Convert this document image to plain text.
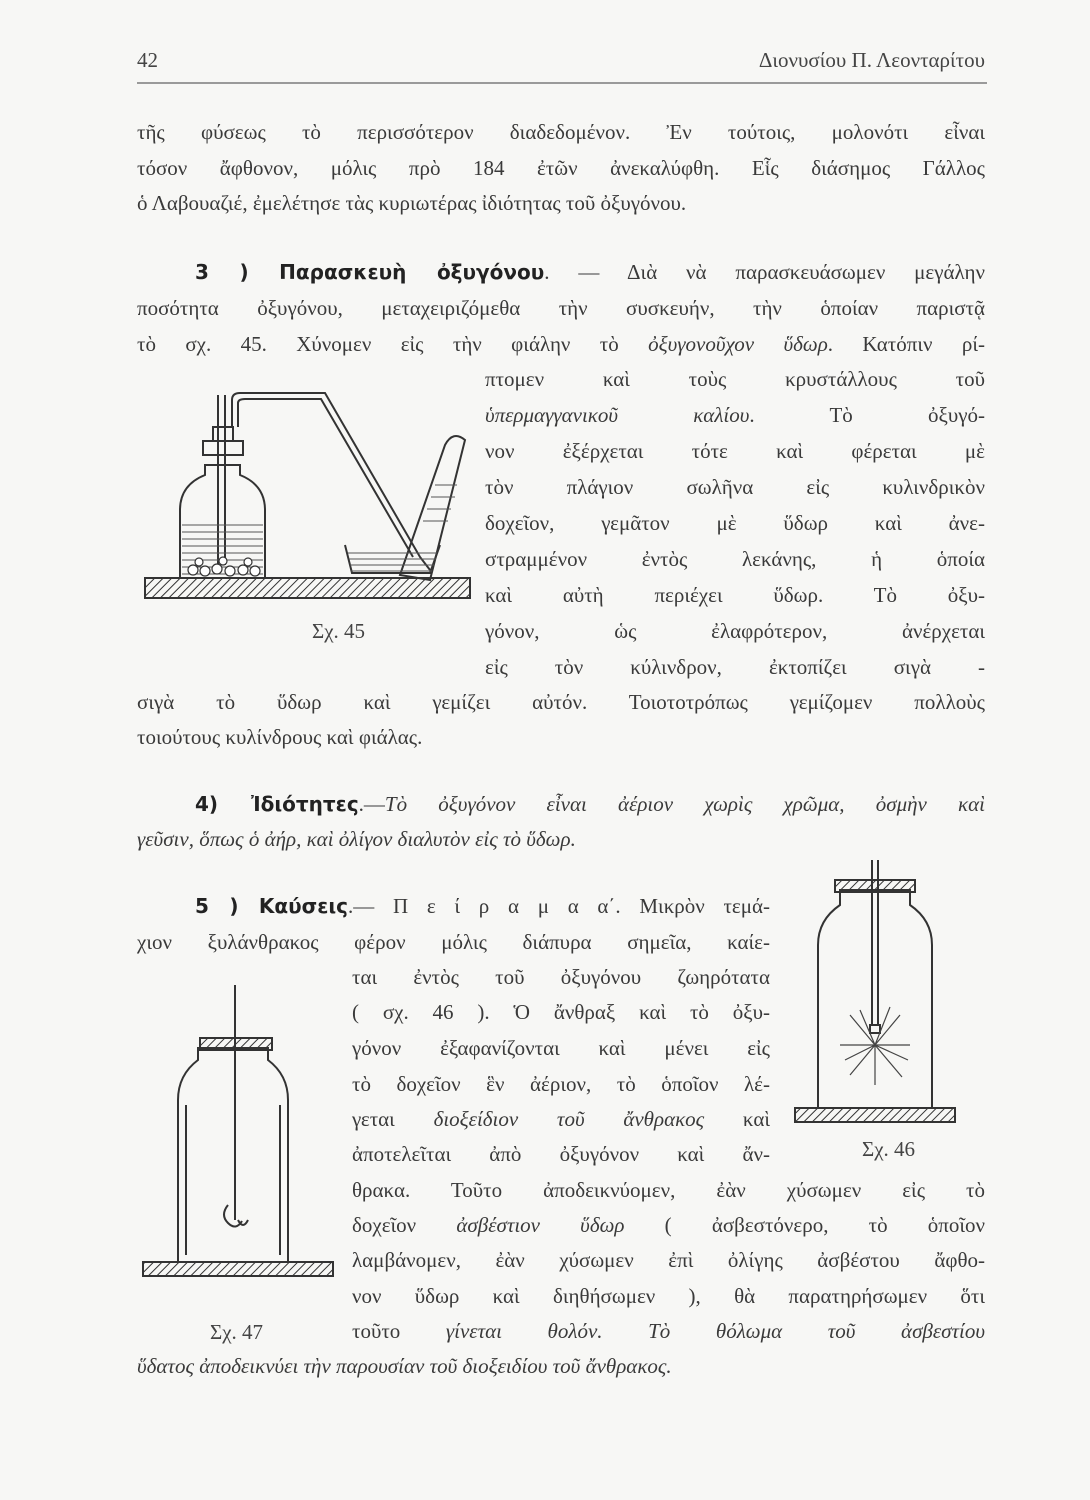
42	Διονυσίου Π. Λεονταρίτου
τῆς φύσεως τὸ περισσότερον διαδεδομένον. Ἐν τούτοις, μολονότι εἶναι
τόσον ἄφθονον, μόλις πρὸ 184 ἐτῶν ἀνεκαλύφθη. Εἷς διάσημος Γάλλος
ὁ Λαβουαζιέ, ἐμελέτησε τὰς κυριωτέρας ἰδιότητας τοῦ ὀξυγόνου.
3 ) Παρασκευὴ ὀξυγόνου. — Διὰ νὰ παρασκευάσωμεν μεγάλην
ποσότητα ὀξυγόνου, μεταχειριζόμεθα τὴν συσκευήν, τὴν ὁποίαν παριστᾷ
τὸ σχ. 45. Χύνομεν εἰς τὴν φιάλην τὸ ὀξυγονοῦχον ὕδωρ. Κατόπιν ρί-
πτομεν καὶ τοὺς κρυστάλλους τοῦ
ὑπερμαγγανικοῦ καλίου. Τὸ ὀξυγό-
νον ἐξέρχεται τότε καὶ φέρεται μὲ
τὸν πλάγιον σωλῆνα εἰς κυλινδρικὸν
δοχεῖον, γεμᾶτον μὲ ὕδωρ καὶ ἀνε-
στραμμένον ἐντὸς λεκάνης, ἡ ὁποία
καὶ αὐτὴ περιέχει ὕδωρ. Τὸ ὀξυ-
γόνον, ὡς ἐλαφρότερον, ἀνέρχεται
εἰς τὸν κύλινδρον, ἐκτοπίζει σιγὰ -
σιγὰ τὸ ὕδωρ καὶ γεμίζει αὐτόν. Τοιοτοτρόπως γεμίζομεν πολλοὺς
τοιούτους κυλίνδρους καὶ φιάλας.
4) Ἰδιότητες.—Τὸ ὀξυγόνον εἶναι ἀέριον χωρὶς χρῶμα, ὀσμὴν καὶ
γεῦσιν, ὅπως ὁ ἀήρ, καὶ ὀλίγον διαλυτὸν εἰς τὸ ὕδωρ.
5 ) Καύσεις.— Π ε ί ρ α μ α α΄. Μικρὸν τεμά-
χιον ξυλάνθρακος φέρον μόλις διάπυρα σημεῖα, καίε-
ται ἐντὸς τοῦ ὀξυγόνου ζωηρότατα
( σχ. 46 ). Ὁ ἄνθραξ καὶ τὸ ὀξυ-
γόνον ἐξαφανίζονται καὶ μένει εἰς
τὸ δοχεῖον ἓν ἀέριον, τὸ ὁποῖον λέ-
γεται διοξείδιον τοῦ ἄνθρακος καὶ
ἀποτελεῖται ἀπὸ ὀξυγόνον καὶ ἄν-
θρακα. Τοῦτο ἀποδεικνύομεν, ἐὰν χύσωμεν εἰς τὸ
δοχεῖον ἀσβέστιον ὕδωρ ( ἀσβεστόνερο, τὸ ὁποῖον
λαμβάνομεν, ἐὰν χύσωμεν ἐπὶ ὀλίγης ἀσβέστου ἄφθο-
νον ὕδωρ καὶ διηθήσωμεν ), θὰ παρατηρήσωμεν ὅτι
τοῦτο γίνεται θολόν. Τὸ θόλωμα τοῦ ἀσβεστίου
ὕδατος ἀποδεικνύει τὴν παρουσίαν τοῦ διοξειδίου τοῦ ἄνθρακος.
Σχ. 45
Σχ. 46
Σχ. 47
